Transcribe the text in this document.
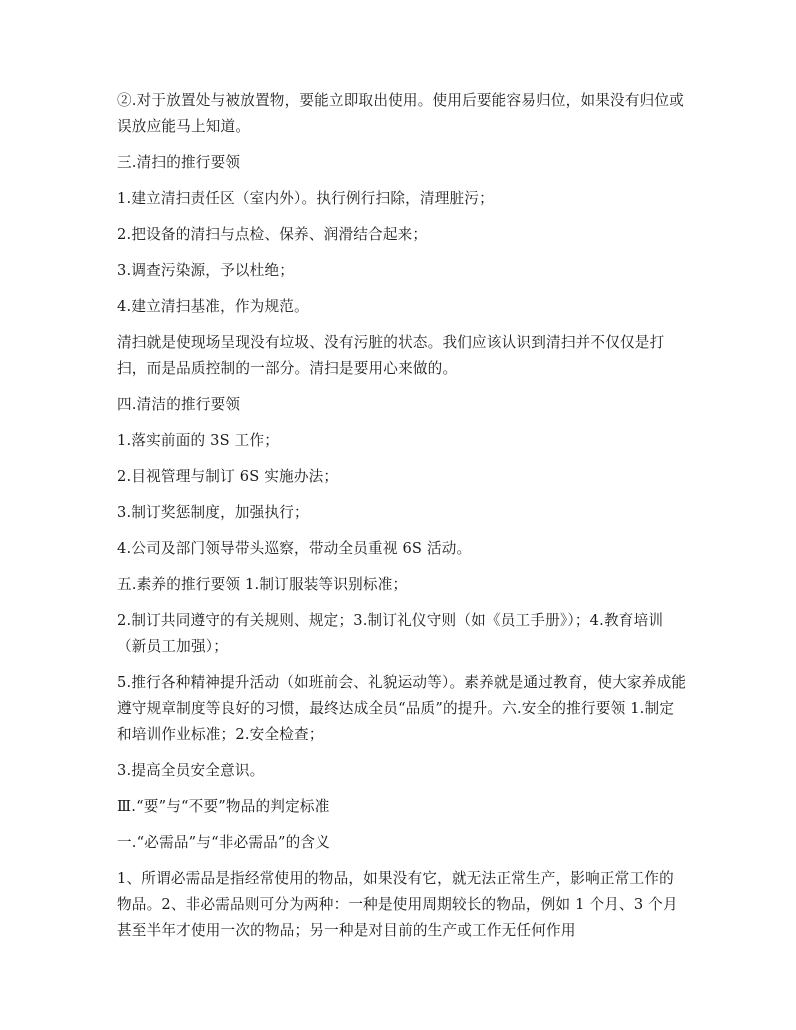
②.对于放置处与被放置物，要能立即取出使用。使用后要能容易归位，如果没有归位或误放应能马上知道。

三.清扫的推行要领

1.建立清扫责任区（室内外）。执行例行扫除，清理脏污；

2.把设备的清扫与点检、保养、润滑结合起来；

3.调查污染源，予以杜绝；

4.建立清扫基准，作为规范。

清扫就是使现场呈现没有垃圾、没有污脏的状态。我们应该认识到清扫并不仅仅是打扫，而是品质控制的一部分。清扫是要用心来做的。

四.清洁的推行要领

1.落实前面的 3S 工作；

2.目视管理与制订 6S 实施办法；

3.制订奖惩制度，加强执行；

4.公司及部门领导带头巡察，带动全员重视 6S 活动。

五.素养的推行要领 1.制订服装等识别标准；

2.制订共同遵守的有关规则、规定；3.制订礼仪守则（如《员工手册》）；4.教育培训（新员工加强）；

5.推行各种精神提升活动（如班前会、礼貌运动等）。素养就是通过教育，使大家养成能遵守规章制度等良好的习惯，最终达成全员“品质”的提升。六.安全的推行要领 1.制定和培训作业标准；2.安全检查；

3.提高全员安全意识。

Ⅲ.“要”与“不要”物品的判定标准

一.“必需品”与“非必需品”的含义

1、所谓必需品是指经常使用的物品，如果没有它，就无法正常生产，影响正常工作的物品。2、非必需品则可分为两种：一种是使用周期较长的物品，例如 1 个月、3 个月甚至半年才使用一次的物品；另一种是对目前的生产或工作无任何作用
